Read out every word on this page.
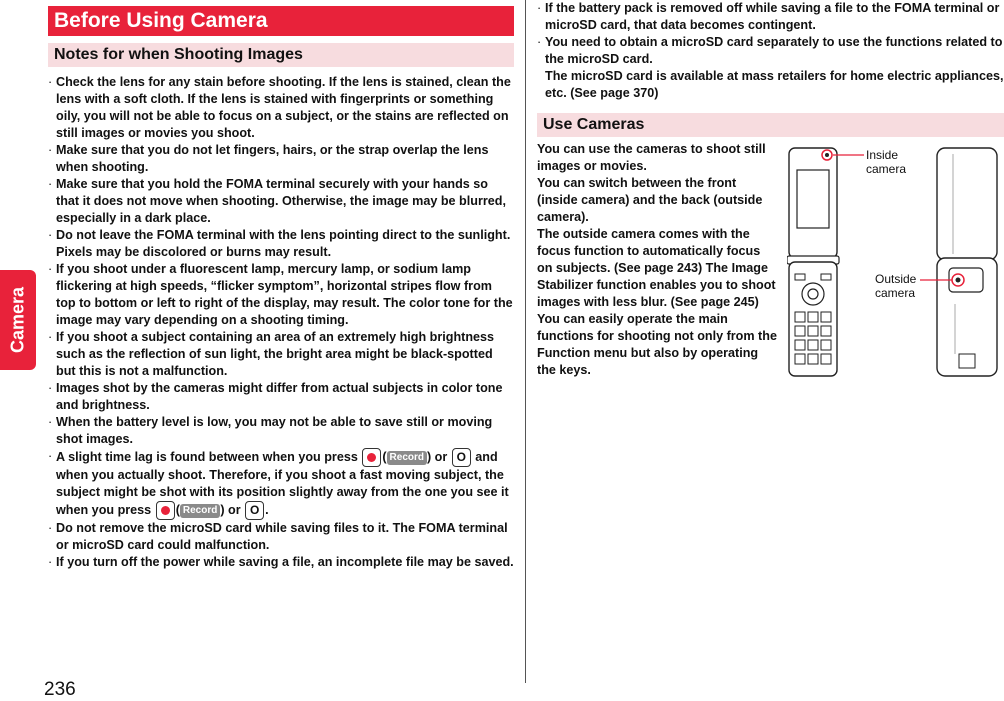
Camera
Before Using Camera
Notes for when Shooting Images
· Check the lens for any stain before shooting. If the lens is stained, clean the lens with a soft cloth. If the lens is stained with fingerprints or something oily, you will not be able to focus on a subject, or the stains are reflected on still images or movies you shoot.
· Make sure that you do not let fingers, hairs, or the strap overlap the lens when shooting.
· Make sure that you hold the FOMA terminal securely with your hands so that it does not move when shooting. Otherwise, the image may be blurred, especially in a dark place.
· Do not leave the FOMA terminal with the lens pointing direct to the sunlight. Pixels may be discolored or burns may result.
· If you shoot under a fluorescent lamp, mercury lamp, or sodium lamp flickering at high speeds, “flicker symptom”, horizontal stripes flow from top to bottom or left to right of the display, may result. The color tone for the image may vary depending on a shooting timing.
· If you shoot a subject containing an area of an extremely high brightness such as the reflection of sun light, the bright area might be black-spotted but this is not a malfunction.
· Images shot by the cameras might differ from actual subjects in color tone and brightness.
· When the battery level is low, you may not be able to save still or moving shot images.
· A slight time lag is found between when you press
( Record ) or O and when you actually shoot. Therefore, if you shoot a fast moving subject, the subject might be shot with its position slightly away from the one you see it when you press
( Record ) or O .
· Do not remove the microSD card while saving files to it. The FOMA terminal or microSD card could malfunction.
· If you turn off the power while saving a file, an incomplete file may be saved.
· If the battery pack is removed off while saving a file to the FOMA terminal or microSD card, that data becomes contingent.
· You need to obtain a microSD card separately to use the functions related to the microSD card.
The microSD card is available at mass retailers for home electric appliances, etc. (See page 370)
Use Cameras
You can use the cameras to shoot still images or movies.
You can switch between the front (inside camera) and the back (outside camera).
The outside camera comes with the focus function to automatically focus on subjects. (See page 243) The Image Stabilizer function enables you to shoot images with less blur. (See page 245)
You can easily operate the main functions for shooting not only from the Function menu but also by operating the keys.
Inside
camera
Outside
camera
236
